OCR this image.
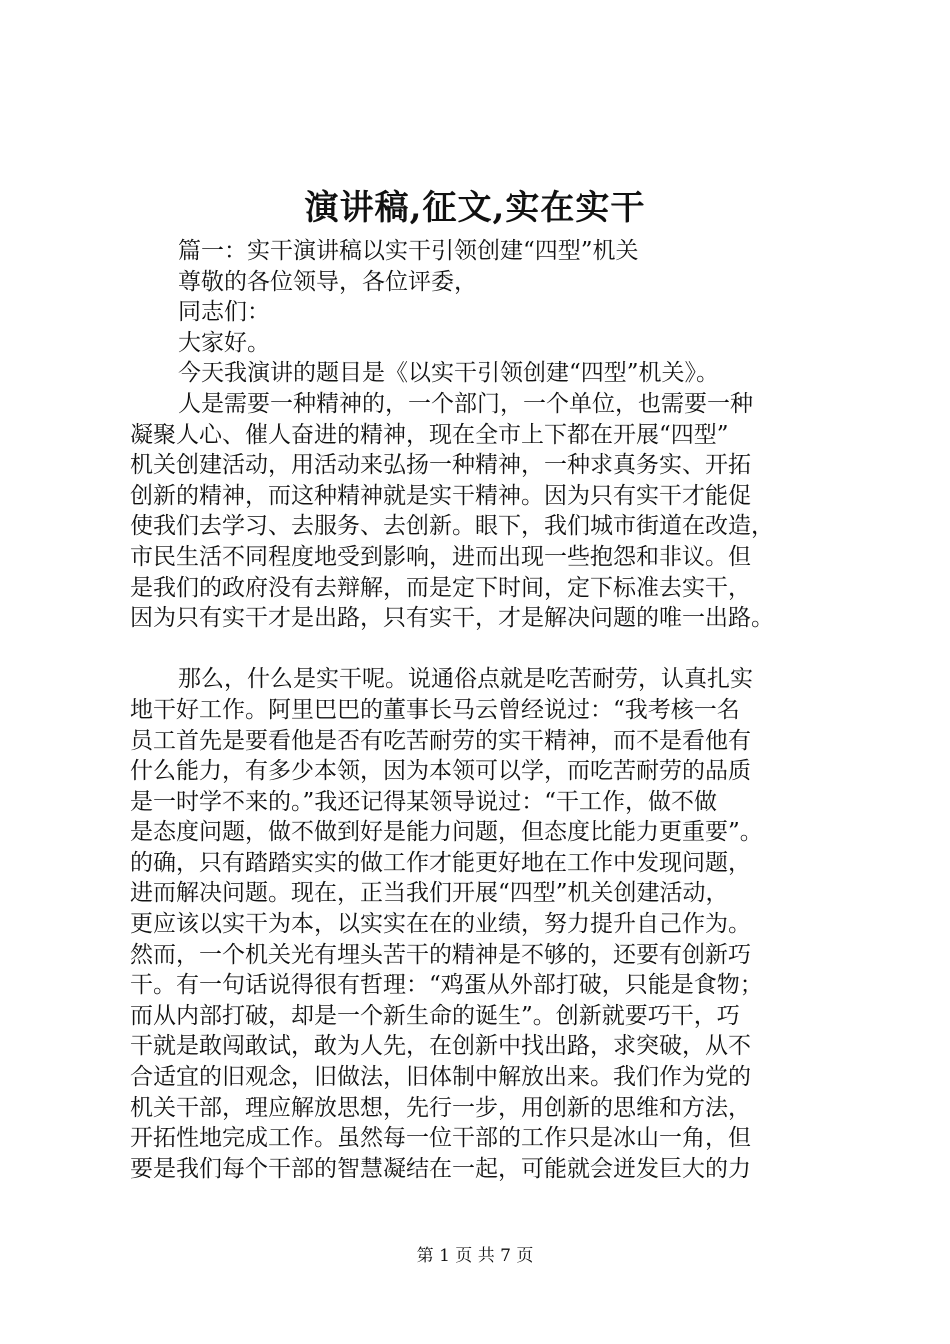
演讲稿,征文,实在实干
篇一：实干演讲稿以实干引领创建“四型”机关
尊敬的各位领导，各位评委，
同志们：
大家好。
今天我演讲的题目是《以实干引领创建“四型”机关》。
人是需要一种精神的，一个部门，一个单位，也需要一种
凝聚人心、催人奋进的精神，现在全市上下都在开展“四型”
机关创建活动，用活动来弘扬一种精神，一种求真务实、开拓
创新的精神，而这种精神就是实干精神。因为只有实干才能促
使我们去学习、去服务、去创新。眼下，我们城市街道在改造，
市民生活不同程度地受到影响，进而出现一些抱怨和非议。但
是我们的政府没有去辩解，而是定下时间，定下标准去实干，
因为只有实干才是出路，只有实干，才是解决问题的唯一出路。
那么，什么是实干呢。说通俗点就是吃苦耐劳，认真扎实
地干好工作。阿里巴巴的董事长马云曾经说过：“我考核一名
员工首先是要看他是否有吃苦耐劳的实干精神，而不是看他有
什么能力，有多少本领，因为本领可以学，而吃苦耐劳的品质
是一时学不来的。”我还记得某领导说过：“干工作，做不做
是态度问题，做不做到好是能力问题，但态度比能力更重要”。
的确，只有踏踏实实的做工作才能更好地在工作中发现问题，
进而解决问题。现在，正当我们开展“四型”机关创建活动，
更应该以实干为本，以实实在在的业绩，努力提升自己作为。
然而，一个机关光有埋头苦干的精神是不够的，还要有创新巧
干。有一句话说得很有哲理：“鸡蛋从外部打破，只能是食物；
而从内部打破，却是一个新生命的诞生”。创新就要巧干，巧
干就是敢闯敢试，敢为人先，在创新中找出路，求突破，从不
合适宜的旧观念，旧做法，旧体制中解放出来。我们作为党的
机关干部，理应解放思想，先行一步，用创新的思维和方法，
开拓性地完成工作。虽然每一位干部的工作只是冰山一角，但
要是我们每个干部的智慧凝结在一起，可能就会迸发巨大的力
第 1 页 共 7 页
